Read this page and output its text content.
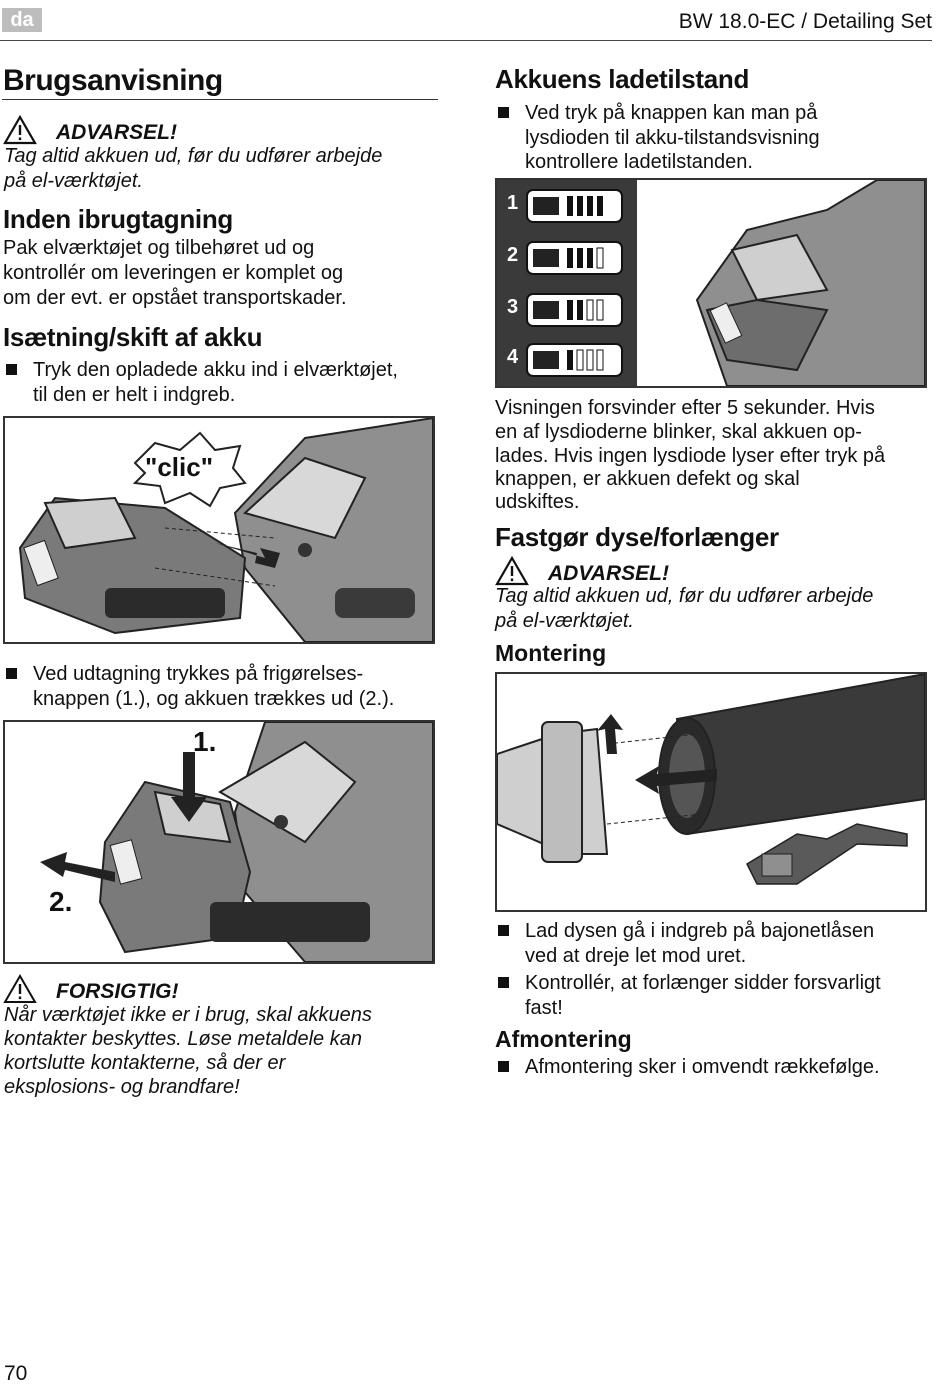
da	BW 18.0-EC / Detailing Set
Brugsanvisning
ADVARSEL!
Tag altid akkuen ud, før du udfører arbejde
på el-værktøjet.
Inden ibrugtagning
Pak elværktøjet og tilbehøret ud og
kontrollér om leveringen er komplet og
om der evt. er opstået transportskader.
Isætning/skift af akku
Tryk den opladede akku ind i elværktøjet,
til den er helt i indgreb.
"clic"
Ved udtagning trykkes på frigørelses-
knappen (1.), og akkuen trækkes ud (2.).
1.
2.
FORSIGTIG!
Når værktøjet ikke er i brug, skal akkuens
kontakter beskyttes. Løse metaldele kan
kortslutte kontakterne, så der er
eksplosions- og brandfare!
Akkuens ladetilstand
Ved tryk på knappen kan man på
lysdioden til akku-tilstandsvisning
kontrollere ladetilstanden.
1
2
3
4
Visningen forsvinder efter 5 sekunder. Hvis
en af lysdioderne blinker, skal akkuen op-
lades. Hvis ingen lysdiode lyser efter tryk på
knappen, er akkuen defekt og skal
udskiftes.
Fastgør dyse/forlænger
ADVARSEL!
Tag altid akkuen ud, før du udfører arbejde
på el-værktøjet.
Montering
Lad dysen gå i indgreb på bajonetlåsen
ved at dreje let mod uret.
Kontrollér, at forlænger sidder forsvarligt
fast!
Afmontering
Afmontering sker i omvendt rækkefølge.
70
